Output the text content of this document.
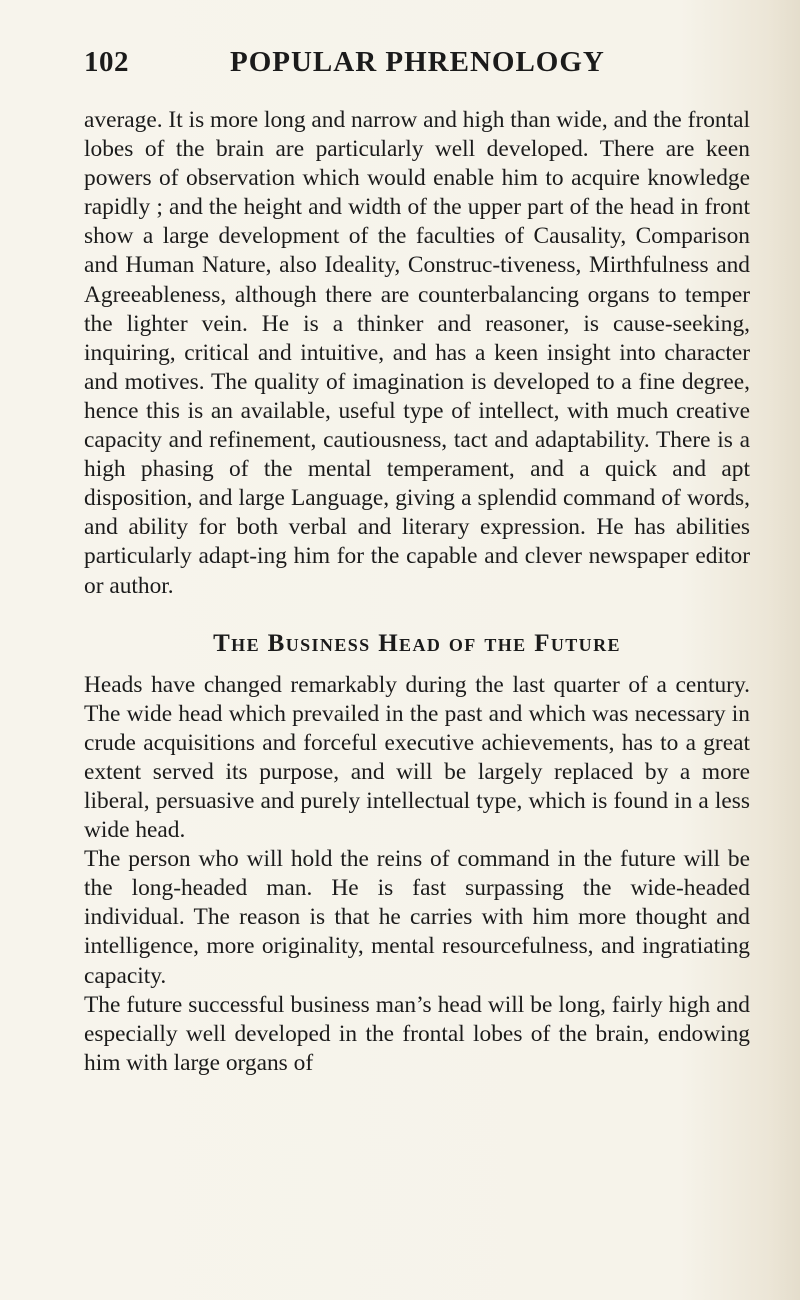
102	POPULAR PHRENOLOGY

average. It is more long and narrow and high than wide, and the frontal lobes of the brain are particularly well developed. There are keen powers of observation which would enable him to acquire knowledge rapidly ; and the height and width of the upper part of the head in front show a large development of the faculties of Causality, Comparison and Human Nature, also Ideality, Construc-tiveness, Mirthfulness and Agreeableness, although there are counterbalancing organs to temper the lighter vein. He is a thinker and reasoner, is cause-seeking, inquiring, critical and intuitive, and has a keen insight into character and motives. The quality of imagination is developed to a fine degree, hence this is an available, useful type of intellect, with much creative capacity and refinement, cautiousness, tact and adaptability. There is a high phasing of the mental temperament, and a quick and apt disposition, and large Language, giving a splendid command of words, and ability for both verbal and literary expression. He has abilities particularly adapt-ing him for the capable and clever newspaper editor or author.

The Business Head of the Future

Heads have changed remarkably during the last quarter of a century. The wide head which prevailed in the past and which was necessary in crude acquisitions and forceful executive achievements, has to a great extent served its purpose, and will be largely replaced by a more liberal, persuasive and purely intellectual type, which is found in a less wide head.

The person who will hold the reins of command in the future will be the long-headed man. He is fast surpassing the wide-headed individual. The reason is that he carries with him more thought and intelligence, more originality, mental resourcefulness, and ingratiating capacity.

The future successful business man’s head will be long, fairly high and especially well developed in the frontal lobes of the brain, endowing him with large organs of
